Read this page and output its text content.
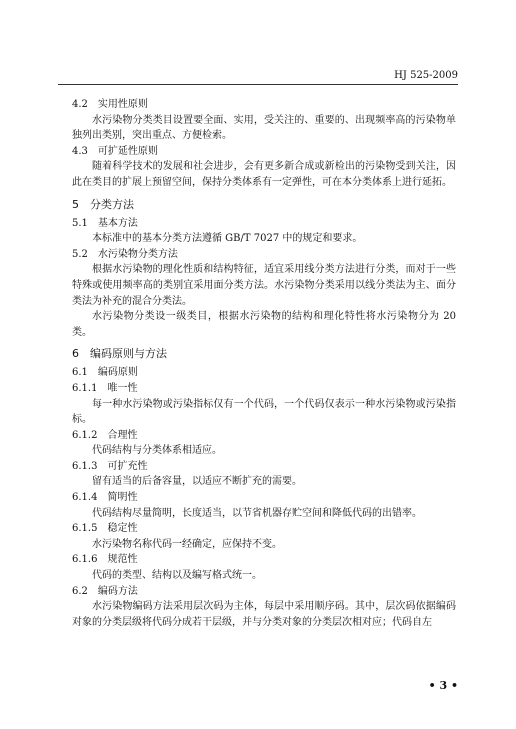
HJ 525-2009

4.2　实用性原则

水污染物分类类目设置要全面、实用，受关注的、重要的、出现频率高的污染物单独列出类别，突出重点、方便检索。

4.3　可扩延性原则

随着科学技术的发展和社会进步，会有更多新合成或新检出的污染物受到关注，因此在类目的扩展上预留空间，保持分类体系有一定弹性，可在本分类体系上进行延拓。

5　分类方法

5.1　基本方法

本标准中的基本分类方法遵循 GB/T 7027 中的规定和要求。

5.2　水污染物分类方法

根据水污染物的理化性质和结构特征，适宜采用线分类方法进行分类，而对于一些特殊或使用频率高的类别宜采用面分类方法。水污染物分类采用以线分类法为主、面分类法为补充的混合分类法。

水污染物分类设一级类目，根据水污染物的结构和理化特性将水污染物分为 20 类。

6　编码原则与方法

6.1　编码原则

6.1.1　唯一性

每一种水污染物或污染指标仅有一个代码，一个代码仅表示一种水污染物或污染指标。

6.1.2　合理性

代码结构与分类体系相适应。

6.1.3　可扩充性

留有适当的后备容量，以适应不断扩充的需要。

6.1.4　简明性

代码结构尽量简明，长度适当，以节省机器存贮空间和降低代码的出错率。

6.1.5　稳定性

水污染物名称代码一经确定，应保持不变。

6.1.6　规范性

代码的类型、结构以及编写格式统一。

6.2　编码方法

水污染物编码方法采用层次码为主体，每层中采用顺序码。其中，层次码依据编码对象的分类层级将代码分成若干层级，并与分类对象的分类层次相对应；代码自左

• 3 •
